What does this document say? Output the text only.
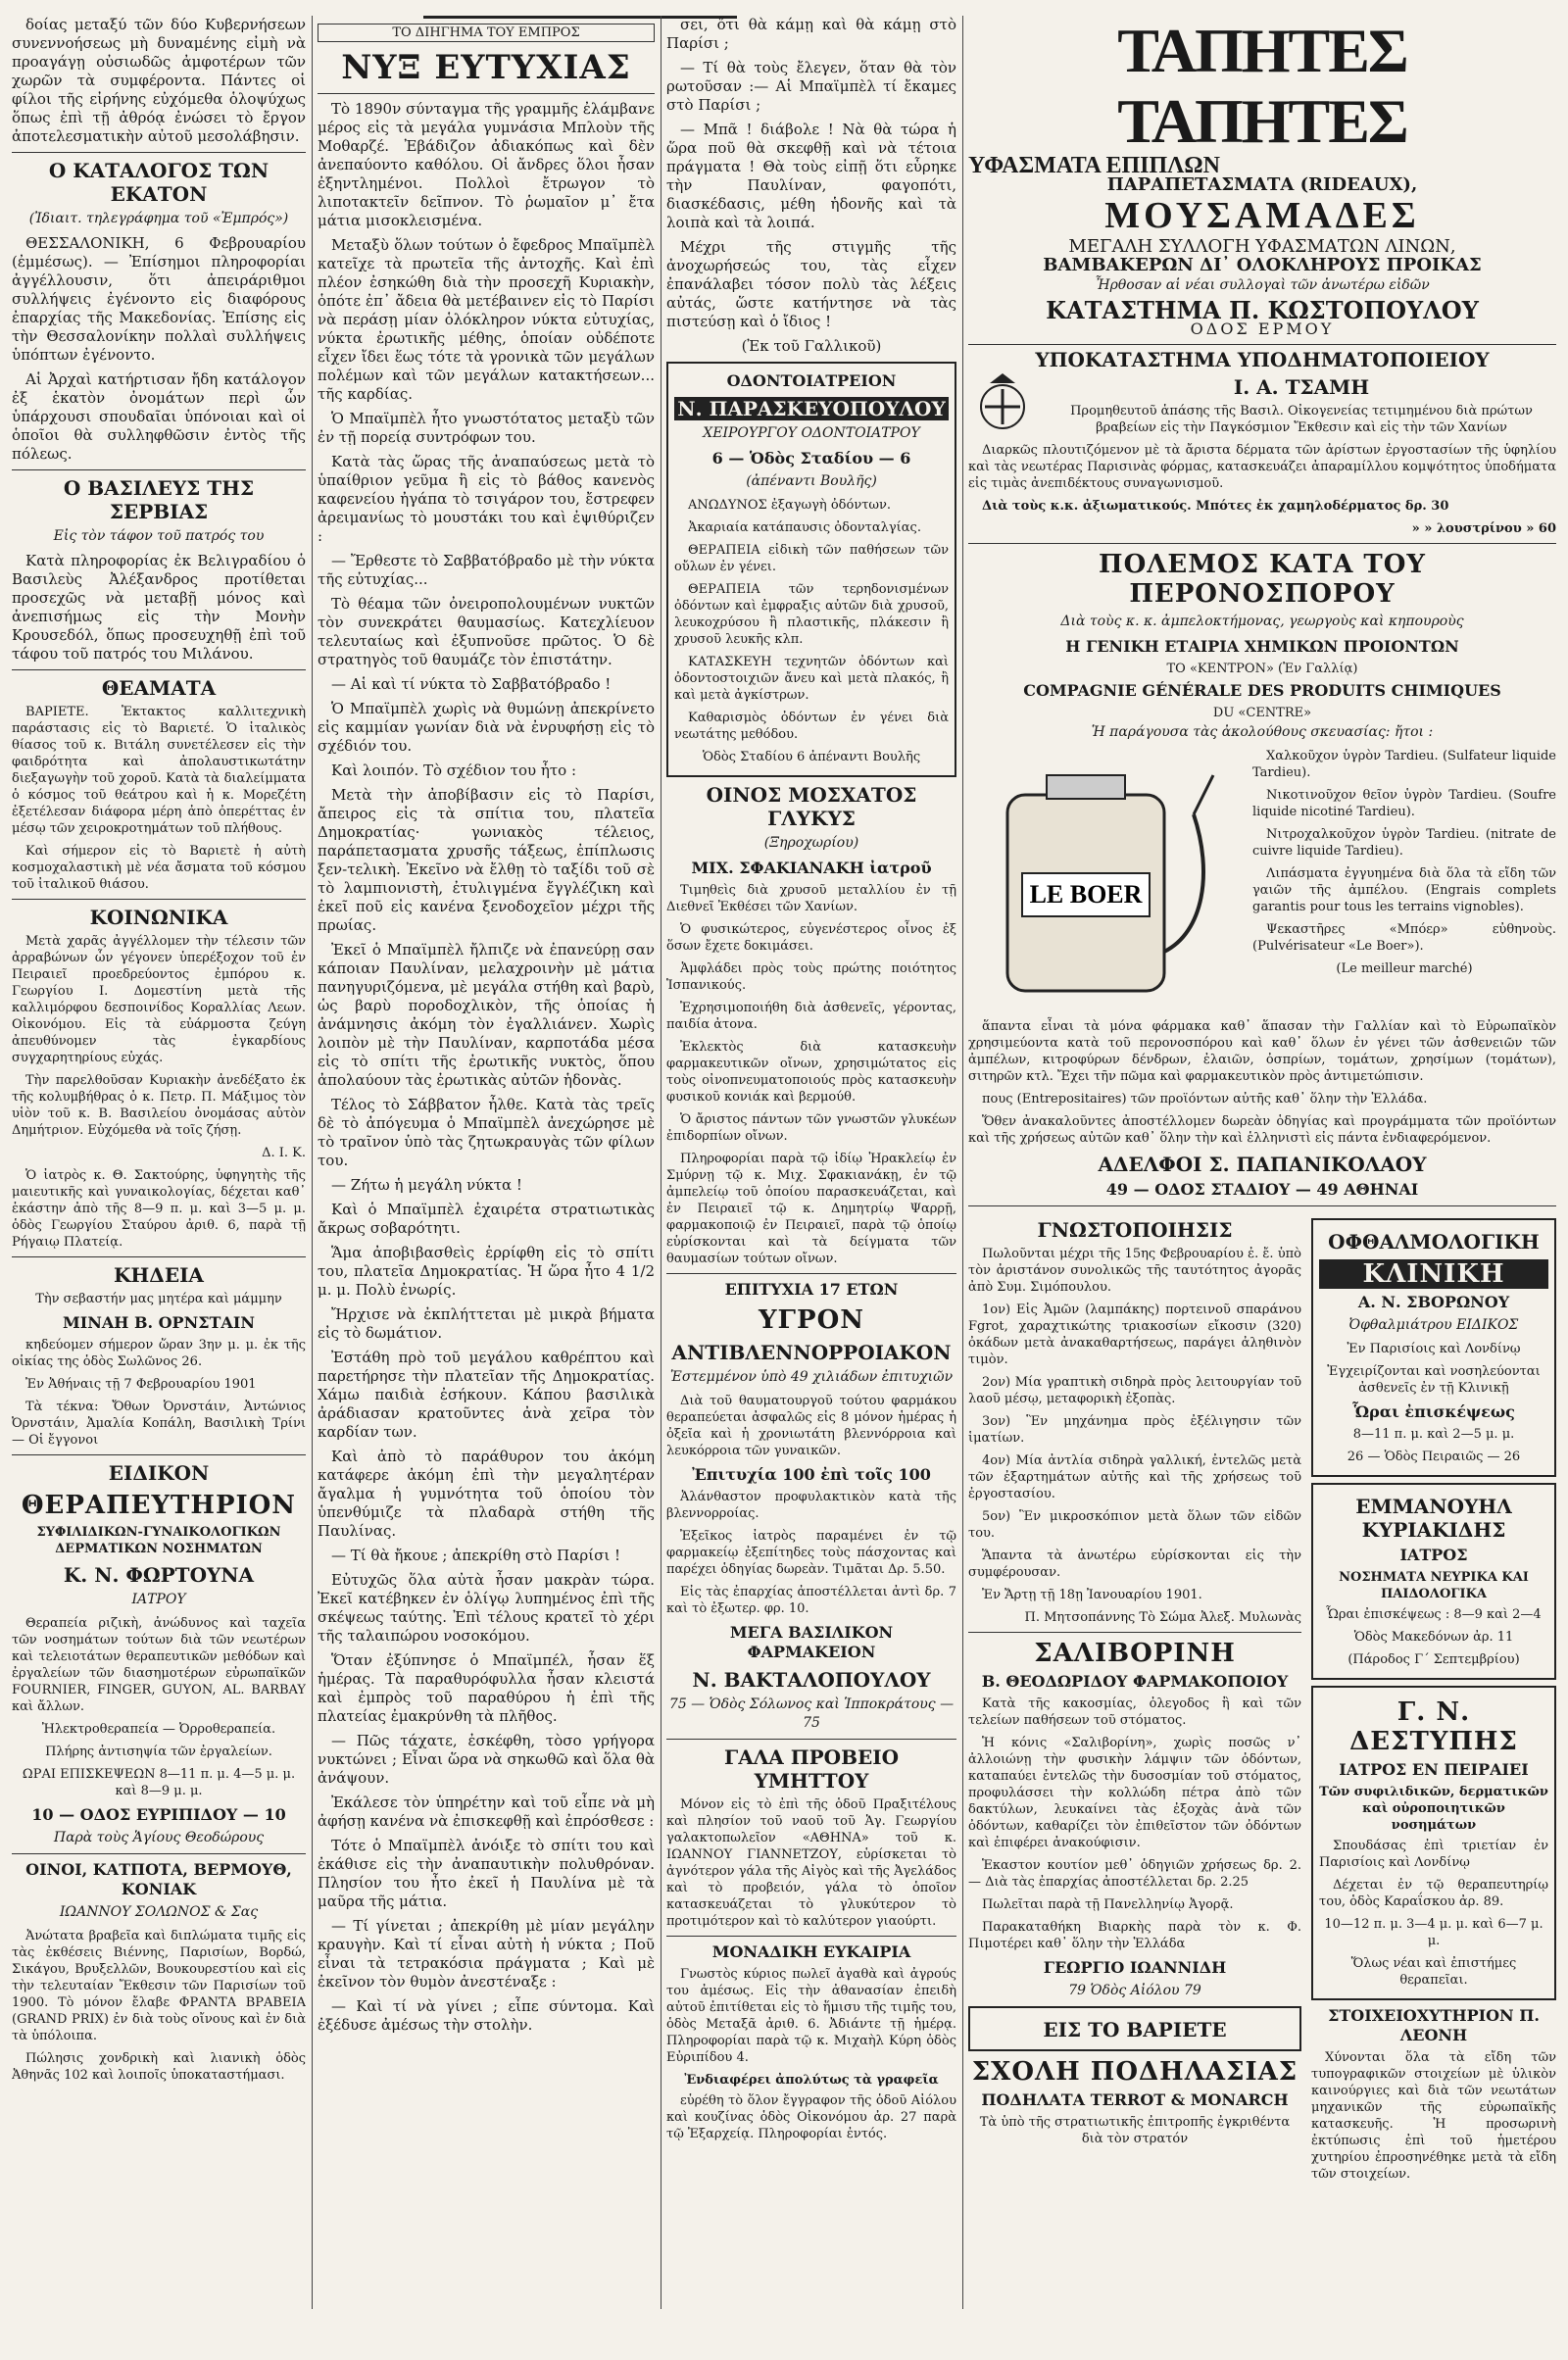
δοίας μεταξύ τῶν δύο Κυβερνήσεων συνεννοήσεως μὴ δυναμένης εἰμὴ νὰ προαγάγῃ οὐσιωδῶς ἀμφοτέρων τῶν χωρῶν τὰ συμφέροντα. Πάντες οἱ φίλοι τῆς εἰρήνης εὐχόμεθα ὁλοψύχως ὅπως ἐπὶ τῇ ἀθρόᾳ ἐνώσει τὸ ἔργον ἀποτελεσματικὴν αὐτοῦ μεσολάβησιν.

Ο ΚΑΤΑΛΟΓΟΣ ΤΩΝ ΕΚΑΤΟΝ
(Ἰδιαιτ. τηλεγράφημα τοῦ «Ἐμπρός»)

ΘΕΣΣΑΛΟΝΙΚΗ, 6 Φεβρουαρίου (ἐμμέσως). — Ἐπίσημοι πληροφορίαι ἀγγέλλουσιν, ὅτι ἀπειράριθμοι συλλήψεις ἐγένοντο εἰς διαφόρους ἐπαρχίας τῆς Μακεδονίας. Ἐπίσης εἰς τὴν Θεσσαλονίκην πολλαὶ συλλήψεις ὑπόπτων ἐγένοντο.

Αἱ Ἀρχαὶ κατήρτισαν ἤδη κατάλογον ἐξ ἑκατὸν ὀνομάτων περὶ ὧν ὑπάρχουσι σπουδαῖαι ὑπόνοιαι καὶ οἱ ὁποῖοι θὰ συλληφθῶσιν ἐντὸς τῆς πόλεως.

Ο ΒΑΣΙΛΕΥΣ ΤΗΣ ΣΕΡΒΙΑΣ
Εἰς τὸν τάφον τοῦ πατρός του

Κατὰ πληροφορίας ἐκ Βελιγραδίου ὁ Βασιλεὺς Ἀλέξανδρος προτίθεται προσεχῶς νὰ μεταβῇ μόνος καὶ ἀνεπισήμως εἰς τὴν Μονὴν Κρουσεδόλ, ὅπως προσευχηθῇ ἐπὶ τοῦ τάφου τοῦ πατρός του Μιλάνου.

ΘΕΑΜΑΤΑ

ΒΑΡΙΕΤΕ. Ἑκτακτος καλλιτεχνικὴ παράστασις εἰς τὸ Βαριετέ. Ὁ ἰταλικὸς θίασος τοῦ κ. Βιτάλη συνετέλεσεν εἰς τὴν φαιδρότητα καὶ ἀπολαυστικωτάτην διεξαγωγὴν τοῦ χοροῦ. Κατὰ τὰ διαλείμματα ὁ κόσμος τοῦ θεάτρου καὶ ἡ κ. Μορεζέτη ἐξετέλεσαν διάφορα μέρη ἀπὸ ὀπερέττας ἐν μέσῳ τῶν χειροκροτημάτων τοῦ πλήθους.

Καὶ σήμερον εἰς τὸ Βαριετὲ ἡ αὐτὴ κοσμοχαλαστικὴ μὲ νέα ἄσματα τοῦ κόσμου τοῦ ἰταλικοῦ θιάσου.

ΚΟΙΝΩΝΙΚΑ

Μετὰ χαρᾶς ἀγγέλλομεν τὴν τέλεσιν τῶν ἀρραβώνων ὧν γέγονεν ὑπερέξοχον τοῦ ἐν Πειραιεῖ προεδρεύοντος ἐμπόρου κ. Γεωργίου Ι. Δομεστίνη μετὰ τῆς καλλιμόρφου δεσποινίδος Κοραλλίας Λεων. Οἰκονόμου. Εἰς τὰ εὐάρμοστα ζεύγη ἀπευθύνομεν τὰς ἐγκαρδίους συγχαρητηρίους εὐχάς.

Τὴν παρελθοῦσαν Κυριακὴν ἀνεδέξατο ἐκ τῆς κολυμβήθρας ὁ κ. Πετρ. Π. Μάξιμος τὸν υἱὸν τοῦ κ. Β. Βασιλείου ὀνομάσας αὐτὸν Δημήτριον. Εὐχόμεθα νὰ τοῖς ζήσῃ.

Δ. Ι. Κ.

Ὁ ἰατρὸς κ. Θ. Σακτούρης, ὑφηγητὴς τῆς μαιευτικῆς καὶ γυναικολογίας, δέχεται καθ᾽ ἑκάστην ἀπὸ τῆς 8—9 π. μ. καὶ 3—5 μ. μ. ὁδὸς Γεωργίου Σταύρου ἀριθ. 6, παρὰ τῇ Ρήγαιῳ Πλατείᾳ.

ΚΗΔΕΙΑ

Τὴν σεβαστήν μας μητέρα καὶ μάμμην

ΜΙΝΑΗ Β. ΟΡΝΣΤΑΙΝ

κηδεύομεν σήμερον ὥραν 3ην μ. μ. ἐκ τῆς οἰκίας της ὁδὸς Σωλῶνος 26.

Ἐν Ἀθήναις τῇ 7 Φεβρουαρίου 1901

Τὰ τέκνα: Ὄθων Ὀρνστάιν, Ἀντώνιος Ὀρνστάιν, Ἀμαλία Κοπάλη, Βασιλικὴ Τρίνι — Οἱ ἔγγονοι

ΕΙΔΙΚΟΝ
ΘΕΡΑΠΕΥΤΗΡΙΟΝ
ΣΥΦΙΛΙΔΙΚΩΝ-ΓΥΝΑΙΚΟΛΟΓΙΚΩΝ ΔΕΡΜΑΤΙΚΩΝ ΝΟΣΗΜΑΤΩΝ
Κ. Ν. ΦΩΡΤΟΥΝΑ
ΙΑΤΡΟΥ

Θεραπεία ριζικὴ, ἀνώδυνος καὶ ταχεῖα τῶν νοσημάτων τούτων διὰ τῶν νεωτέρων καὶ τελειοτάτων θεραπευτικῶν μεθόδων καὶ ἐργαλείων τῶν διασημοτέρων εὐρωπαϊκῶν FOURNIER, FINGER, GUYON, AL. BARBAY καὶ ἄλλων.

Ἠλεκτροθεραπεία — Ὀρροθεραπεία.

Πλήρης ἀντισηψία τῶν ἐργαλείων.

ΩΡΑΙ ΕΠΙΣΚΕΨΕΩΝ 8—11 π. μ. 4—5 μ. μ. καὶ 8—9 μ. μ.

10 — ΟΔΟΣ ΕΥΡΙΠΙΔΟΥ — 10
Παρὰ τοὺς Ἁγίους Θεοδώρους
ΟΙΝΟΙ, ΚΑΤΠΟΤΑ, ΒΕΡΜΟΥΘ, ΚΟΝΙΑΚ
ΙΩΑΝΝΟΥ ΣΟΛΩΝΟΣ & Σας

Ἀνώτατα βραβεῖα καὶ διπλώματα τιμῆς εἰς τὰς ἐκθέσεις Βιέννης, Παρισίων, Βορδώ, Σικάγου, Βρυξελλῶν, Βουκουρεστίου καὶ εἰς τὴν τελευταίαν Ἔκθεσιν τῶν Παρισίων τοῦ 1900. Τὸ μόνον ἔλαβε ΦΡΑΝΤΑ ΒΡΑΒΕΙΑ (GRAND PRIX) ἐν διὰ τοὺς οἴνους καὶ ἐν διὰ τὰ ὑπόλοιπα.

Πώλησις χονδρικὴ καὶ λιανικὴ ὁδὸς Ἀθηνᾶς 102 καὶ λοιποῖς ὑποκαταστήμασι.

ΤΟ ΔΙΗΓΗΜΑ ΤΟΥ ΕΜΠΡΟΣ
ΝΥΞ ΕΥΤΥΧΙΑΣ

Τὸ 1890ν σύνταγμα τῆς γραμμῆς ἐλάμβανε μέρος εἰς τὰ μεγάλα γυμνάσια Μπλοὺν τῆς Μοθαρζέ. Ἐβάδιζον ἀδιακόπως καὶ δὲν ἀνεπαύοντο καθόλου. Οἱ ἄνδρες ὅλοι ἦσαν ἐξηντλημένοι. Πολλοὶ ἔτρωγον τὸ λιποτακτεῖν δεῖπνον. Τὸ ῥωμαῖον μ᾽ ἔτα μάτια μισοκλεισμένα.

Μεταξὺ ὅλων τούτων ὁ ἔφεδρος Μπαϊμπὲλ κατεῖχε τὰ πρωτεῖα τῆς ἀντοχῆς. Καὶ ἐπὶ πλέον ἐσηκώθη διὰ τὴν προσεχῆ Κυριακὴν, ὁπότε ἐπ᾽ ἄδεια θὰ μετέβαινεν εἰς τὸ Παρίσι νὰ περάσῃ μίαν ὁλόκληρον νύκτα εὐτυχίας, νύκτα ἐρωτικῆς μέθης, ὁποίαν οὐδέποτε εἶχεν ἴδει ἕως τότε τὰ γρονικὰ τῶν μεγάλων πολέμων καὶ τῶν μεγάλων κατακτήσεων... τῆς καρδίας.

Ὁ Μπαϊμπὲλ ἦτο γνωστότατος μεταξὺ τῶν ἐν τῇ πορείᾳ συντρόφων του.

Κατὰ τὰς ὥρας τῆς ἀναπαύσεως μετὰ τὸ ὑπαίθριον γεῦμα ἢ εἰς τὸ βάθος κανενὸς καφενείου ἠγάπα τὸ τσιγάρον του, ἔστρεφεν ἀρειμανίως τὸ μουστάκι του καὶ ἐψιθύριζεν :

— Ἔρθεστε τὸ Σαββατόβραδο μὲ τὴν νύκτα τῆς εὐτυχίας...

Τὸ θέαμα τῶν ὀνειροπολουμένων νυκτῶν τὸν συνεκράτει θαυμασίως. Κατεχλίευον τελευταίως καὶ ἐξυπνοῦσε πρῶτος. Ὁ δὲ στρατηγὸς τοῦ θαυμάζε τὸν ἐπιστάτην.

— Αἱ καὶ τί νύκτα τὸ Σαββατόβραδο !

Ὁ Μπαϊμπὲλ χωρὶς νὰ θυμώνῃ ἀπεκρίνετο εἰς καμμίαν γωνίαν διὰ νὰ ἐνρυφήσῃ εἰς τὸ σχέδιόν του.

Καὶ λοιπόν. Τὸ σχέδιον του ἦτο :

Μετὰ τὴν ἀποβίβασιν εἰς τὸ Παρίσι, ἄπειρος εἰς τὰ σπίτια του, πλατεῖα Δημοκρατίας· γωνιακὸς τέλειος, παράπετασματα χρυσῆς τάξεως, ἐπίπλωσις ξεν-τελικὴ. Ἐκεῖνο νὰ ἔλθῃ τὸ ταξίδι τοῦ σὲ τὸ λαμπιονιστὴ, ἐτυλιγμένα ἔγγλέζικη καὶ ἐκεῖ ποῦ εἰς κανένα ξενοδοχεῖον μέχρι τῆς πρωίας.

Ἐκεῖ ὁ Μπαϊμπὲλ ἤλπιζε νὰ ἐπανεύρῃ σαν κάποιαν Παυλίναν, μελαχροινὴν μὲ μάτια πανηγυριζόμενα, μὲ μεγάλα στήθη καὶ βαρὺ, ὡς βαρὺ ποροδοχλικὸν, τῆς ὁποίας ἡ ἀνάμνησις ἀκόμη τὸν ἐγαλλιάνεν. Χωρὶς λοιπὸν μὲ τὴν Παυλίναν, καρποτάδα μέσα εἰς τὸ σπίτι τῆς ἐρωτικῆς νυκτὸς, ὅπου ἀπολαύουν τὰς ἐρωτικὰς αὐτῶν ἡδονὰς.

Τέλος τὸ Σάββατον ἦλθε. Κατὰ τὰς τρεῖς δὲ τὸ ἀπόγευμα ὁ Μπαϊμπὲλ ἀνεχώρησε μὲ τὸ τραῖνον ὑπὸ τὰς ζητωκραυγὰς τῶν φίλων του.

— Ζήτω ἡ μεγάλη νύκτα !

Καὶ ὁ Μπαϊμπὲλ ἐχαιρέτα στρατιωτικὰς ἄκρως σοβαρότητι.

Ἅμα ἀποβιβασθεὶς ἐρρίφθη εἰς τὸ σπίτι του, πλατεῖα Δημοκρατίας. Ἡ ὥρα ἦτο 4 1/2 μ. μ. Πολὺ ἐνωρίς.

Ἤρχισε νὰ ἐκπλήττεται μὲ μικρὰ βήματα εἰς τὸ δωμάτιον.

Ἐστάθη πρὸ τοῦ μεγάλου καθρέπτου καὶ παρετήρησε τὴν πλατεῖαν τῆς Δημοκρατίας. Χάμω παιδιὰ ἐσήκουν. Κάπου βασιλικὰ ἀράδιασαν κρατοῦντες ἀνὰ χεῖρα τὸν καρδίαν των.

Καὶ ἀπὸ τὸ παράθυρον του ἀκόμη κατάφερε ἀκόμη ἐπὶ τὴν μεγαλητέραν ἄγαλμα ἡ γυμνότητα τοῦ ὁποίου τὸν ὑπενθύμιζε τὰ πλαδαρὰ στήθη τῆς Παυλίνας.

— Τί θὰ ἤκουε ; ἀπεκρίθη στὸ Παρίσι !

Εὐτυχῶς ὅλα αὐτὰ ἦσαν μακρὰν τώρα. Ἐκεῖ κατέβηκεν ἐν ὁλίγῳ λυπημένος ἐπὶ τῆς σκέψεως ταύτης. Ἐπὶ τέλους κρατεῖ τὸ χέρι τῆς ταλαιπώρου νοσοκόμου.

Ὅταν ἐξύπνησε ὁ Μπαϊμπέλ, ἦσαν ἕξ ἡμέρας. Τὰ παραθυρόφυλλα ἦσαν κλειστά καὶ ἐμπρὸς τοῦ παραθύρου ἡ ἐπὶ τῆς πλατείας ἐμακρύνθη τὰ πλῆθος.

— Πῶς τάχατε, ἐσκέφθη, τὸσο γρήγορα νυκτώνει ; Εἶναι ὥρα νὰ σηκωθῶ καὶ ὅλα θὰ ἀνάψουν.

Ἐκάλεσε τὸν ὑπηρέτην καὶ τοῦ εἶπε νὰ μὴ ἀφήσῃ κανένα νὰ ἐπισκεφθῇ καὶ ἐπρόσθεσε :

Τότε ὁ Μπαϊμπὲλ ἀνόιξε τὸ σπίτι του καὶ ἐκάθισε εἰς τὴν ἀναπαυτικὴν πολυθρόναν. Πλησίον του ἦτο ἐκεῖ ἡ Παυλίνα μὲ τὰ μαῦρα τῆς μάτια.

— Τί γίνεται ; ἀπεκρίθη μὲ μίαν μεγάλην κραυγὴν. Καὶ τί εἶναι αὐτὴ ἡ νύκτα ; Ποῦ εἶναι τὰ τετρακόσια πράγματα ; Καὶ μὲ ἐκεῖνον τὸν θυμὸν ἀνεστέναξε :

— Καὶ τί νὰ γίνει ; εἶπε σύντομα. Καὶ ἐξέδυσε ἀμέσως τὴν στολὴν.

σει, ὅτι θὰ κάμῃ καὶ θὰ κάμῃ στὸ Παρίσι ;

— Τί θὰ τοὺς ἔλεγεν, ὅταν θὰ τὸν ρωτοῦσαν :— Αἱ Μπαϊμπὲλ τί ἔκαμες στὸ Παρίσι ;

— Μπᾶ ! διάβολε ! Νὰ θὰ τώρα ἡ ὥρα ποῦ θὰ σκεφθῇ καὶ νὰ τέτοια πράγματα ! Θὰ τοὺς εἰπῇ ὅτι εὗρηκε τὴν Παυλίναν, φαγοπότι, διασκέδασις, μέθη ἡδονῆς καὶ τὰ λοιπὰ καὶ τὰ λοιπά.

Μέχρι τῆς στιγμῆς τῆς ἀνοχωρήσεώς του, τὰς εἶχεν ἐπανάλαβει τόσον πολὺ τὰς λέξεις αὐτάς, ὥστε κατήντησε νὰ τὰς πιστεύσῃ καὶ ὁ ἴδιος !

(Ἐκ τοῦ Γαλλικοῦ)

ΟΔΟΝΤΟΙΑΤΡΕΙΟΝ
Ν. ΠΑΡΑΣΚΕΥΟΠΟΥΛΟΥ
ΧΕΙΡΟΥΡΓΟΥ ΟΔΟΝΤΟΙΑΤΡΟΥ
6 — Ὁδὸς Σταδίου — 6
(ἀπέναντι Βουλῆς)

ΑΝΩΔΥΝΟΣ ἐξαγωγὴ ὀδόντων.

Ἀκαριαία κατάπαυσις ὀδονταλγίας.

ΘΕΡΑΠΕΙΑ εἰδικὴ τῶν παθήσεων τῶν οὔλων ἐν γένει.

ΘΕΡΑΠΕΙΑ τῶν τερηδονισμένων ὀδόντων καὶ ἐμφραξις αὐτῶν διὰ χρυσοῦ, λευκοχρύσου ἢ πλαστικῆς, πλάκεσιν ἢ χρυσοῦ λευκῆς κλπ.

ΚΑΤΑΣΚΕΥΗ τεχνητῶν ὀδόντων καὶ ὀδοντοστοιχιῶν ἄνευ καὶ μετὰ πλακός, ἢ καὶ μετὰ ἀγκίστρων.

Καθαρισμὸς ὀδόντων ἐν γένει διὰ νεωτάτης μεθόδου.

Ὁδὸς Σταδίου 6 ἀπέναντι Βουλῆς

ΟΙΝΟΣ ΜΟΣΧΑΤΟΣ ΓΛΥΚΥΣ
(Ξηροχωρίου)
ΜΙΧ. ΣΦΑΚΙΑΝΑΚΗ ἰατροῦ

Τιμηθεὶς διὰ χρυσοῦ μεταλλίου ἐν τῇ Διεθνεῖ Ἐκθέσει τῶν Χανίων.

Ὁ φυσικώτερος, εὐγενέστερος οἶνος ἐξ ὅσων ἔχετε δοκιμάσει.

Ἀμφλάδει πρὸς τοὺς πρώτης ποιότητος Ἱσπανικούς.

Ἐχρησιμοποιήθη διὰ ἀσθενεῖς, γέροντας, παιδία ἀτονα.

Ἐκλεκτὸς διὰ κατασκευὴν φαρμακευτικῶν οἴνων, χρησιμώτατος εἰς τοὺς οἰνοπνευματοποιούς πρὸς κατασκευὴν φυσικοῦ κονιάκ καὶ βερμούθ.

Ὁ ἄριστος πάντων τῶν γνωστῶν γλυκέων ἐπιδορπίων οἴνων.

Πληροφορίαι παρὰ τῷ ἰδίῳ Ἠρακλείῳ ἐν Σμύρνῃ τῷ κ. Μιχ. Σφακιανάκῃ, ἐν τῷ ἀμπελείῳ τοῦ ὁποίου παρασκευάζεται, καὶ ἐν Πειραιεῖ τῷ κ. Δημητρίῳ Ψαρρῇ, φαρμακοποιῷ ἐν Πειραιεῖ, παρὰ τῷ ὁποίῳ εὑρίσκονται καὶ τὰ δείγματα τῶν θαυμασίων τούτων οἴνων.

ΕΠΙΤΥΧΙΑ 17 ΕΤΩΝ
ΥΓΡΟΝ
ΑΝΤΙΒΛΕΝΝΟΡΡΟΙΑΚΟΝ
Ἐστεμμένον ὑπὸ 49 χιλιάδων ἐπιτυχιῶν

Διὰ τοῦ θαυματουργοῦ τούτου φαρμάκου θεραπεύεται ἀσφαλῶς εἰς 8 μόνον ἡμέρας ἡ ὀξεῖα καὶ ἡ χρονιωτάτη βλεννόρροια καὶ λευκόρροια τῶν γυναικῶν.

Ἐπιτυχία 100 ἐπὶ τοῖς 100

Ἀλάνθαστον προφυλακτικὸν κατὰ τῆς βλεννορροίας.

Ἐξεῖκος ἰατρὸς παραμένει ἐν τῷ φαρμακείῳ ἐξεπίτηδες τοὺς πάσχοντας καὶ παρέχει ὁδηγίας δωρεὰν. Τιμᾶται Δρ. 5.50.

Εἰς τὰς ἐπαρχίας ἀποστέλλεται ἀντὶ δρ. 7 καὶ τὸ ἐξωτερ. φρ. 10.

ΜΕΓΑ ΒΑΣΙΛΙΚΟΝ ΦΑΡΜΑΚΕΙΟΝ
Ν. ΒΑΚΤΑΛΟΠΟΥΛΟΥ
75 — Ὁδὸς Σόλωνος καὶ Ἱπποκράτους — 75
ΓΑΛΑ ΠΡΟΒΕΙΟ ΥΜΗΤΤΟΥ

Μόνον εἰς τὸ ἐπὶ τῆς ὁδοῦ Πραξιτέλους καὶ πλησίον τοῦ ναοῦ τοῦ Ἁγ. Γεωργίου γαλακτοπωλεῖον «ΑΘΗΝΑ» τοῦ κ. ΙΩΑΝΝΟΥ ΓΙΑΝΝΕΤΖΟΥ, εὑρίσκεται τὸ ἀγνότερον γάλα τῆς Αἰγὸς καὶ τῆς Ἀγελάδος καὶ τὸ προβειόν, γάλα τὸ ὁποῖον κατασκευάζεται τὸ γλυκύτερον τὸ προτιμότερον καὶ τὸ καλύτερον γιαούρτι.

ΜΟΝΑΔΙΚΗ ΕΥΚΑΙΡΙΑ

Γνωστὸς κύριος πωλεῖ ἀγαθὰ καὶ ἀγρούς του ἀμέσως. Εἰς τὴν ἀθανασίαν ἐπειδὴ αὐτοῦ ἐπιτίθεται εἰς τὸ ἥμισυ τῆς τιμῆς του, ὁδὸς Μεταξᾶ ἀριθ. 6. Ἀδιάντε τῇ ἡμέρᾳ. Πληροφορίαι παρὰ τῷ κ. Μιχαὴλ Κύρη ὁδὸς Εὐριπίδου 4.

Ἐνδιαφέρει ἀπολύτως τὰ γραφεῖα

εὑρέθη τὸ ὅλον ἔγγραφον τῆς ὁδοῦ Αἰόλου καὶ κουζίνας ὁδὸς Οἰκονόμου ἀρ. 27 παρὰ τῷ Ἐξαρχείᾳ. Πληροφορίαι ἐντός.

ΤΑΠΗΤΕΣ ΤΑΠΗΤΕΣ
ΥΦΑΣΜΑΤΑ ΕΠΙΠΛΩΝ
ΠΑΡΑΠΕΤΑΣΜΑΤΑ (RIDEAUX),
ΜΟΥΣΑΜΑΔΕΣ
ΜΕΓΑΛΗ ΣΥΛΛΟΓΗ ΥΦΑΣΜΑΤΩΝ ΛΙΝΩΝ,
ΒΑΜΒΑΚΕΡΩΝ ΔΙ᾽ ΟΛΟΚΛΗΡΟΥΣ ΠΡΟΙΚΑΣ
Ἦρθοσαν αἱ νέαι συλλογαὶ τῶν ἀνωτέρω εἰδῶν
ΚΑΤΑΣΤΗΜΑ Π. ΚΩΣΤΟΠΟΥΛΟΥ
ΟΔΟΣ ΕΡΜΟΥ
ΥΠΟΚΑΤΑΣΤΗΜΑ ΥΠΟΔΗΜΑΤΟΠΟΙΕΙΟΥ
Ι. Α. ΤΣΑΜΗ

Προμηθευτοῦ ἁπάσης τῆς Βασιλ. Οἰκογενείας τετιμημένου διὰ πρώτων βραβείων εἰς τὴν Παγκόσμιον Ἔκθεσιν καὶ εἰς τὴν τῶν Χανίων

Διαρκῶς πλουτιζόμενον μὲ τὰ ἄριστα δέρματα τῶν ἀρίστων ἐργοστασίων τῆς ὑφηλίου καὶ τὰς νεωτέρας Παρισινὰς φόρμας, κατασκευάζει ἀπαραμίλλου κομψότητος ὑποδήματα εἰς τιμὰς ἀνεπιδέκτους συναγωνισμοῦ.

Διὰ τοὺς κ.κ. ἀξιωματικούς. Μπότες ἐκ χαμηλοδέρματος δρ. 30

» » λουστρίνου » 60

ΠΟΛΕΜΟΣ ΚΑΤΑ ΤΟΥ ΠΕΡΟΝΟΣΠΟΡΟΥ
Διὰ τοὺς κ. κ. ἀμπελοκτήμονας, γεωργοὺς καὶ κηπουροὺς
Η ΓΕΝΙΚΗ ΕΤΑΙΡΙΑ ΧΗΜΙΚΩΝ ΠΡΟΙΟΝΤΩΝ
ΤΟ «ΚΕΝΤΡΟΝ» (Ἐν Γαλλίᾳ)
COMPAGNIE GÉNÉRALE DES PRODUITS CHIMIQUES
DU «CENTRE»
Ἡ παράγουσα τὰς ἀκολούθους σκευασίας: ἤτοι :
LE BOER

Χαλκοῦχον ὑγρὸν Tardieu. (Sulfateur liquide Tardieu).

Νικοτινοῦχον θεῖον ὑγρὸν Tardieu. (Soufre liquide nicotiné Tardieu).

Νιτροχαλκοῦχον ὑγρὸν Tardieu. (nitrate de cuivre liquide Tardieu).

Λιπάσματα ἐγγυημένα διὰ ὅλα τὰ εἴδη τῶν γαιῶν τῆς ἀμπέλου. (Engrais complets garantis pour tous les terrains vignobles).

Ψεκαστῆρες «Μπόερ» εὐθηνοὺς. (Pulvérisateur «Le Boer»).

(Le meilleur marché)

ἅπαντα εἶναι τὰ μόνα φάρμακα καθ᾽ ἅπασαν τὴν Γαλλίαν καὶ τὸ Εὐρωπαϊκὸν χρησιμεύοντα κατὰ τοῦ περονοσπόρου καὶ καθ᾽ ὅλων ἐν γένει τῶν ἀσθενειῶν τῶν ἀμπέλων, κιτροφύρων δένδρων, ἐλαιῶν, ὀσπρίων, τομάτων, χρησίμων (τομάτων), σιτηρῶν κτλ. Ἔχει τῆν πῶμα καὶ φαρμακευτικὸν πρὸς ἀντιμετώπισιν.

πους (Entrepositaires) τῶν προϊόντων αὐτῆς καθ᾽ ὅλην τὴν Ἑλλάδα.

Ὅθεν ἀνακαλοῦντες ἀποστέλλομεν δωρεὰν ὁδηγίας καὶ προγράμματα τῶν προϊόντων καὶ τῆς χρήσεως αὐτῶν καθ᾽ ὅλην τὴν καὶ ἑλληνιστὶ εἰς πάντα ἐνδιαφερόμενον.

ΑΔΕΛΦΟΙ Σ. ΠΑΠΑΝΙΚΟΛΑΟΥ
49 — ΟΔΟΣ ΣΤΑΔΙΟΥ — 49 ΑΘΗΝΑΙ
ΓΝΩΣΤΟΠΟΙΗΣΙΣ

Πωλοῦνται μέχρι τῆς 15ης Φεβρουαρίου ἐ. ἔ. ὑπὸ τὸν ἀριστάνον συνολικῶς τῆς ταυτότητος ἀγορᾶς ἀπὸ Συμ. Σιμόπουλου.

1ον) Εἰς Ἀμῶν (λαμπάκης) πορτεινοῦ σπαράνου Fgrot, χαραχτικώτης τριακοσίων εἴκοσιν (320) ὀκάδων μετὰ ἀνακαθαρτήσεως, παράγει ἀληθινὸν τιμὸν.

2ον) Μία γραπτικὴ σιδηρὰ πρὸς λειτουργίαν τοῦ λαοῦ μέσῳ, μεταφορικὴ ἐξοπὰς.

3ον) Ἓν μηχάνημα πρὸς ἐξέλιγησιν τῶν ἱματίων.

4ον) Μία ἀντλία σιδηρὰ γαλλική, ἐντελῶς μετὰ τῶν ἐξαρτημάτων αὐτῆς καὶ τῆς χρήσεως τοῦ ἐργοστασίου.

5ον) Ἓν μικροσκόπιον μετὰ ὅλων τῶν εἰδῶν του.

Ἅπαντα τὰ ἀνωτέρω εὑρίσκονται εἰς τὴν συμφέρουσαν.

Ἐν Ἄρτῃ τῇ 18ῃ Ἰανουαρίου 1901.

Π. Μητσοπάννης Τὸ Σώμα Ἀλεξ. Μυλωνὰς

ΣΑΛΙΒΟΡΙΝΗ
Β. ΘΕΟΔΩΡΙΔΟΥ ΦΑΡΜΑΚΟΠΟΙΟΥ

Κατὰ τῆς κακοσμίας, ὀλεγοδος ἢ καὶ τῶν τελείων παθήσεων τοῦ στόματος.

Ἡ κόνις «Σαλιβορίνη», χωρὶς ποσῶς ν᾽ ἀλλοιώνῃ τὴν φυσικὴν λάμψιν τῶν ὀδόντων, καταπαύει ἐντελῶς τὴν δυσοσμίαν τοῦ στόματος, προφυλάσσει τὴν κολλώδη πέτρα ἀπὸ τῶν δακτύλων, λευκαίνει τὰς ἐξοχὰς ἀνὰ τῶν ὀδόντων, καθαρίζει τὸν ἐπιθεῖστον τῶν ὀδόντων καὶ ἐπιφέρει ἀνακούφισιν.

Ἑκαστον κουτίον μεθ᾽ ὁδηγιῶν χρήσεως δρ. 2. — Διὰ τὰς ἐπαρχίας ἀποστέλλεται δρ. 2.25

Πωλεῖται παρὰ τῇ Πανελληνίῳ Ἀγορᾷ.

Παρακαταθήκη Βιαρκὴς παρὰ τὸν κ. Φ. Πιμοτέρει καθ᾽ ὅλην τὴν Ἑλλάδα

ΓΕΩΡΓΙΟ ΙΩΑΝΝΙΔΗ
79 Ὁδὸς Αἰόλου 79
ΕΙΣ ΤΟ ΒΑΡΙΕΤΕ
ΣΧΟΛΗ ΠΟΔΗΛΑΣΙΑΣ
ΠΟΔΗΛΑΤΑ TERROT & MONARCH

Τὰ ὑπὸ τῆς στρατιωτικῆς ἐπιτροπῆς ἐγκριθέντα διὰ τὸν στρατόν

ΟΦΘΑΛΜΟΛΟΓΙΚΗ
ΚΛΙΝΙΚΗ
Α. Ν. ΣΒΟΡΩΝΟΥ
Ὀφθαλμιάτρου ΕΙΔΙΚΟΣ

Ἐν Παρισίοις καὶ Λονδίνῳ

Ἐγχειρίζονται καὶ νοσηλεύονται ἀσθενεῖς ἐν τῇ Κλινικῇ

Ὧραι ἐπισκέψεως

8—11 π. μ. καὶ 2—5 μ. μ.

26 — Ὁδὸς Πειραιῶς — 26

ΕΜΜΑΝΟΥΗΛ ΚΥΡΙΑΚΙΔΗΣ
ΙΑΤΡΟΣ
ΝΟΣΗΜΑΤΑ ΝΕΥΡΙΚΑ ΚΑΙ ΠΑΙΔΟΛΟΓΙΚΑ

Ὧραι ἐπισκέψεως : 8—9 καὶ 2—4

Ὁδὸς Μακεδόνων ἀρ. 11

(Πάροδος Γ΄ Σεπτεμβρίου)

Γ. Ν. ΔΕΣΤΥΠΗΣ
ΙΑΤΡΟΣ ΕΝ ΠΕΙΡΑΙΕΙ
Τῶν συφιλιδικῶν, δερματικῶν καὶ οὐροποιητικῶν νοσημάτων

Σπουδάσας ἐπὶ τριετίαν ἐν Παρισίοις καὶ Λονδίνῳ

Δέχεται ἐν τῷ θεραπευτηρίῳ του, ὁδὸς Καραΐσκου ἀρ. 89.

10—12 π. μ. 3—4 μ. μ. καὶ 6—7 μ. μ.

Ὅλως νέαι καὶ ἐπιστήμες θεραπεῖαι.

ΣΤΟΙΧΕΙΟΧΥΤΗΡΙΟΝ Π. ΛΕΟΝΗ

Χύνονται ὅλα τὰ εἴδη τῶν τυπογραφικῶν στοιχείων μὲ ὑλικὸν καινούργιες καὶ διὰ τῶν νεωτάτων μηχανικῶν τῆς εὐρωπαϊκῆς κατασκευῆς. Ἡ προσωρινὴ ἐκτύπωσις ἐπὶ τοῦ ἡμετέρου χυτηρίου ἐπροσηνέθηκε μετὰ τὰ εἴδη τῶν στοιχείων.
